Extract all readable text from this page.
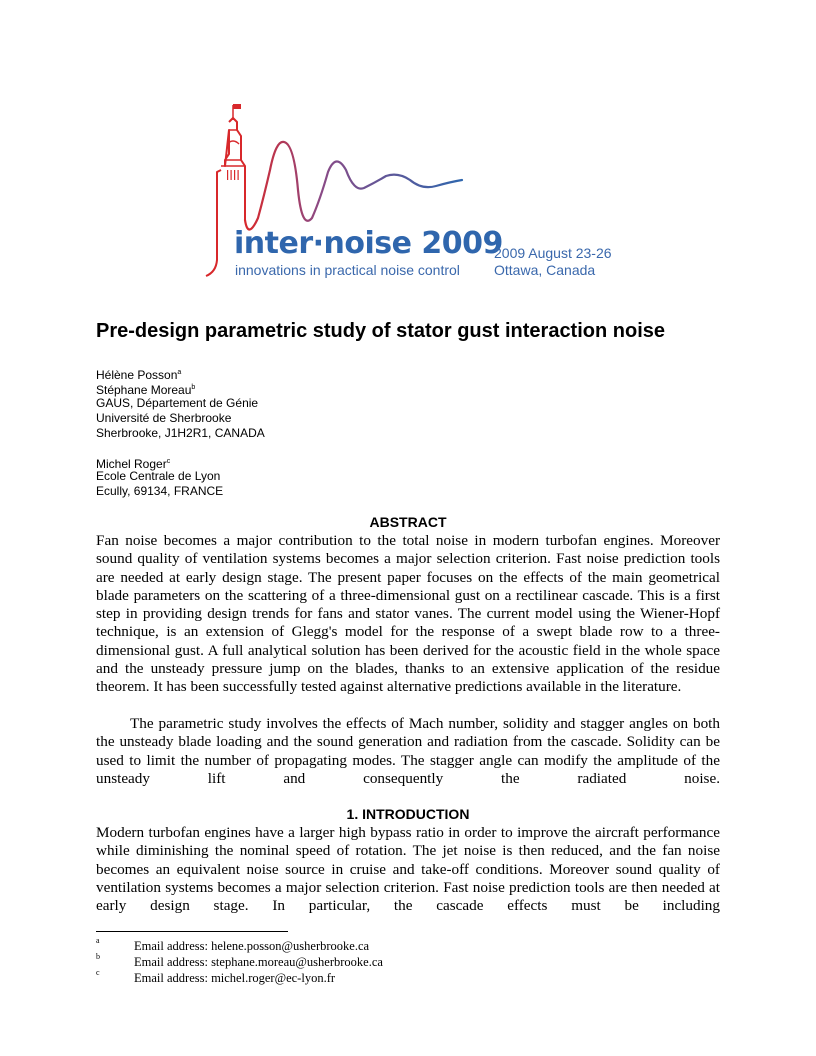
inter·noise 2009
innovations in practical noise control
2009 August 23-26
Ottawa, Canada
Pre-design parametric study of stator gust interaction noise
Hélène Posson$^a$
Stéphane Moreau$^b$
GAUS, Département de Génie
Université de Sherbrooke
Sherbrooke, J1H2R1, CANADA
Michel Roger$^c$
Ecole Centrale de Lyon
Ecully, 69134, FRANCE
ABSTRACT
Fan noise becomes a major contribution to the total noise in modern turbofan engines. Moreover sound quality of ventilation systems becomes a major selection criterion. Fast noise prediction tools are needed at early design stage. The present paper focuses on the effects of the main geometrical blade parameters on the scattering of a three-dimensional gust on a rectilinear cascade. This is a first step in providing design trends for fans and stator vanes. The current model using the Wiener-Hopf technique, is an extension of Glegg's model for the response of a swept blade row to a three-dimensional gust. A full analytical solution has been derived for the acoustic field in the whole space and the unsteady pressure jump on the blades, thanks to an extensive application of the residue theorem. It has been successfully tested against alternative predictions available in the literature.
The parametric study involves the effects of Mach number, solidity and stagger angles on both the unsteady blade loading and the sound generation and radiation from the cascade. Solidity can be used to limit the number of propagating modes. The stagger angle can modify the amplitude of the unsteady lift and consequently the radiated noise.
1. INTRODUCTION
Modern turbofan engines have a larger high bypass ratio in order to improve the aircraft performance while diminishing the nominal speed of rotation. The jet noise is then reduced, and the fan noise becomes an equivalent noise source in cruise and take-off conditions. Moreover sound quality of ventilation systems becomes a major selection criterion. Fast noise prediction tools are then needed at early design stage. In particular, the cascade effects must be including
a	Email address: helene.posson@usherbrooke.ca
b	Email address: stephane.moreau@usherbrooke.ca
c	Email address: michel.roger@ec-lyon.fr
